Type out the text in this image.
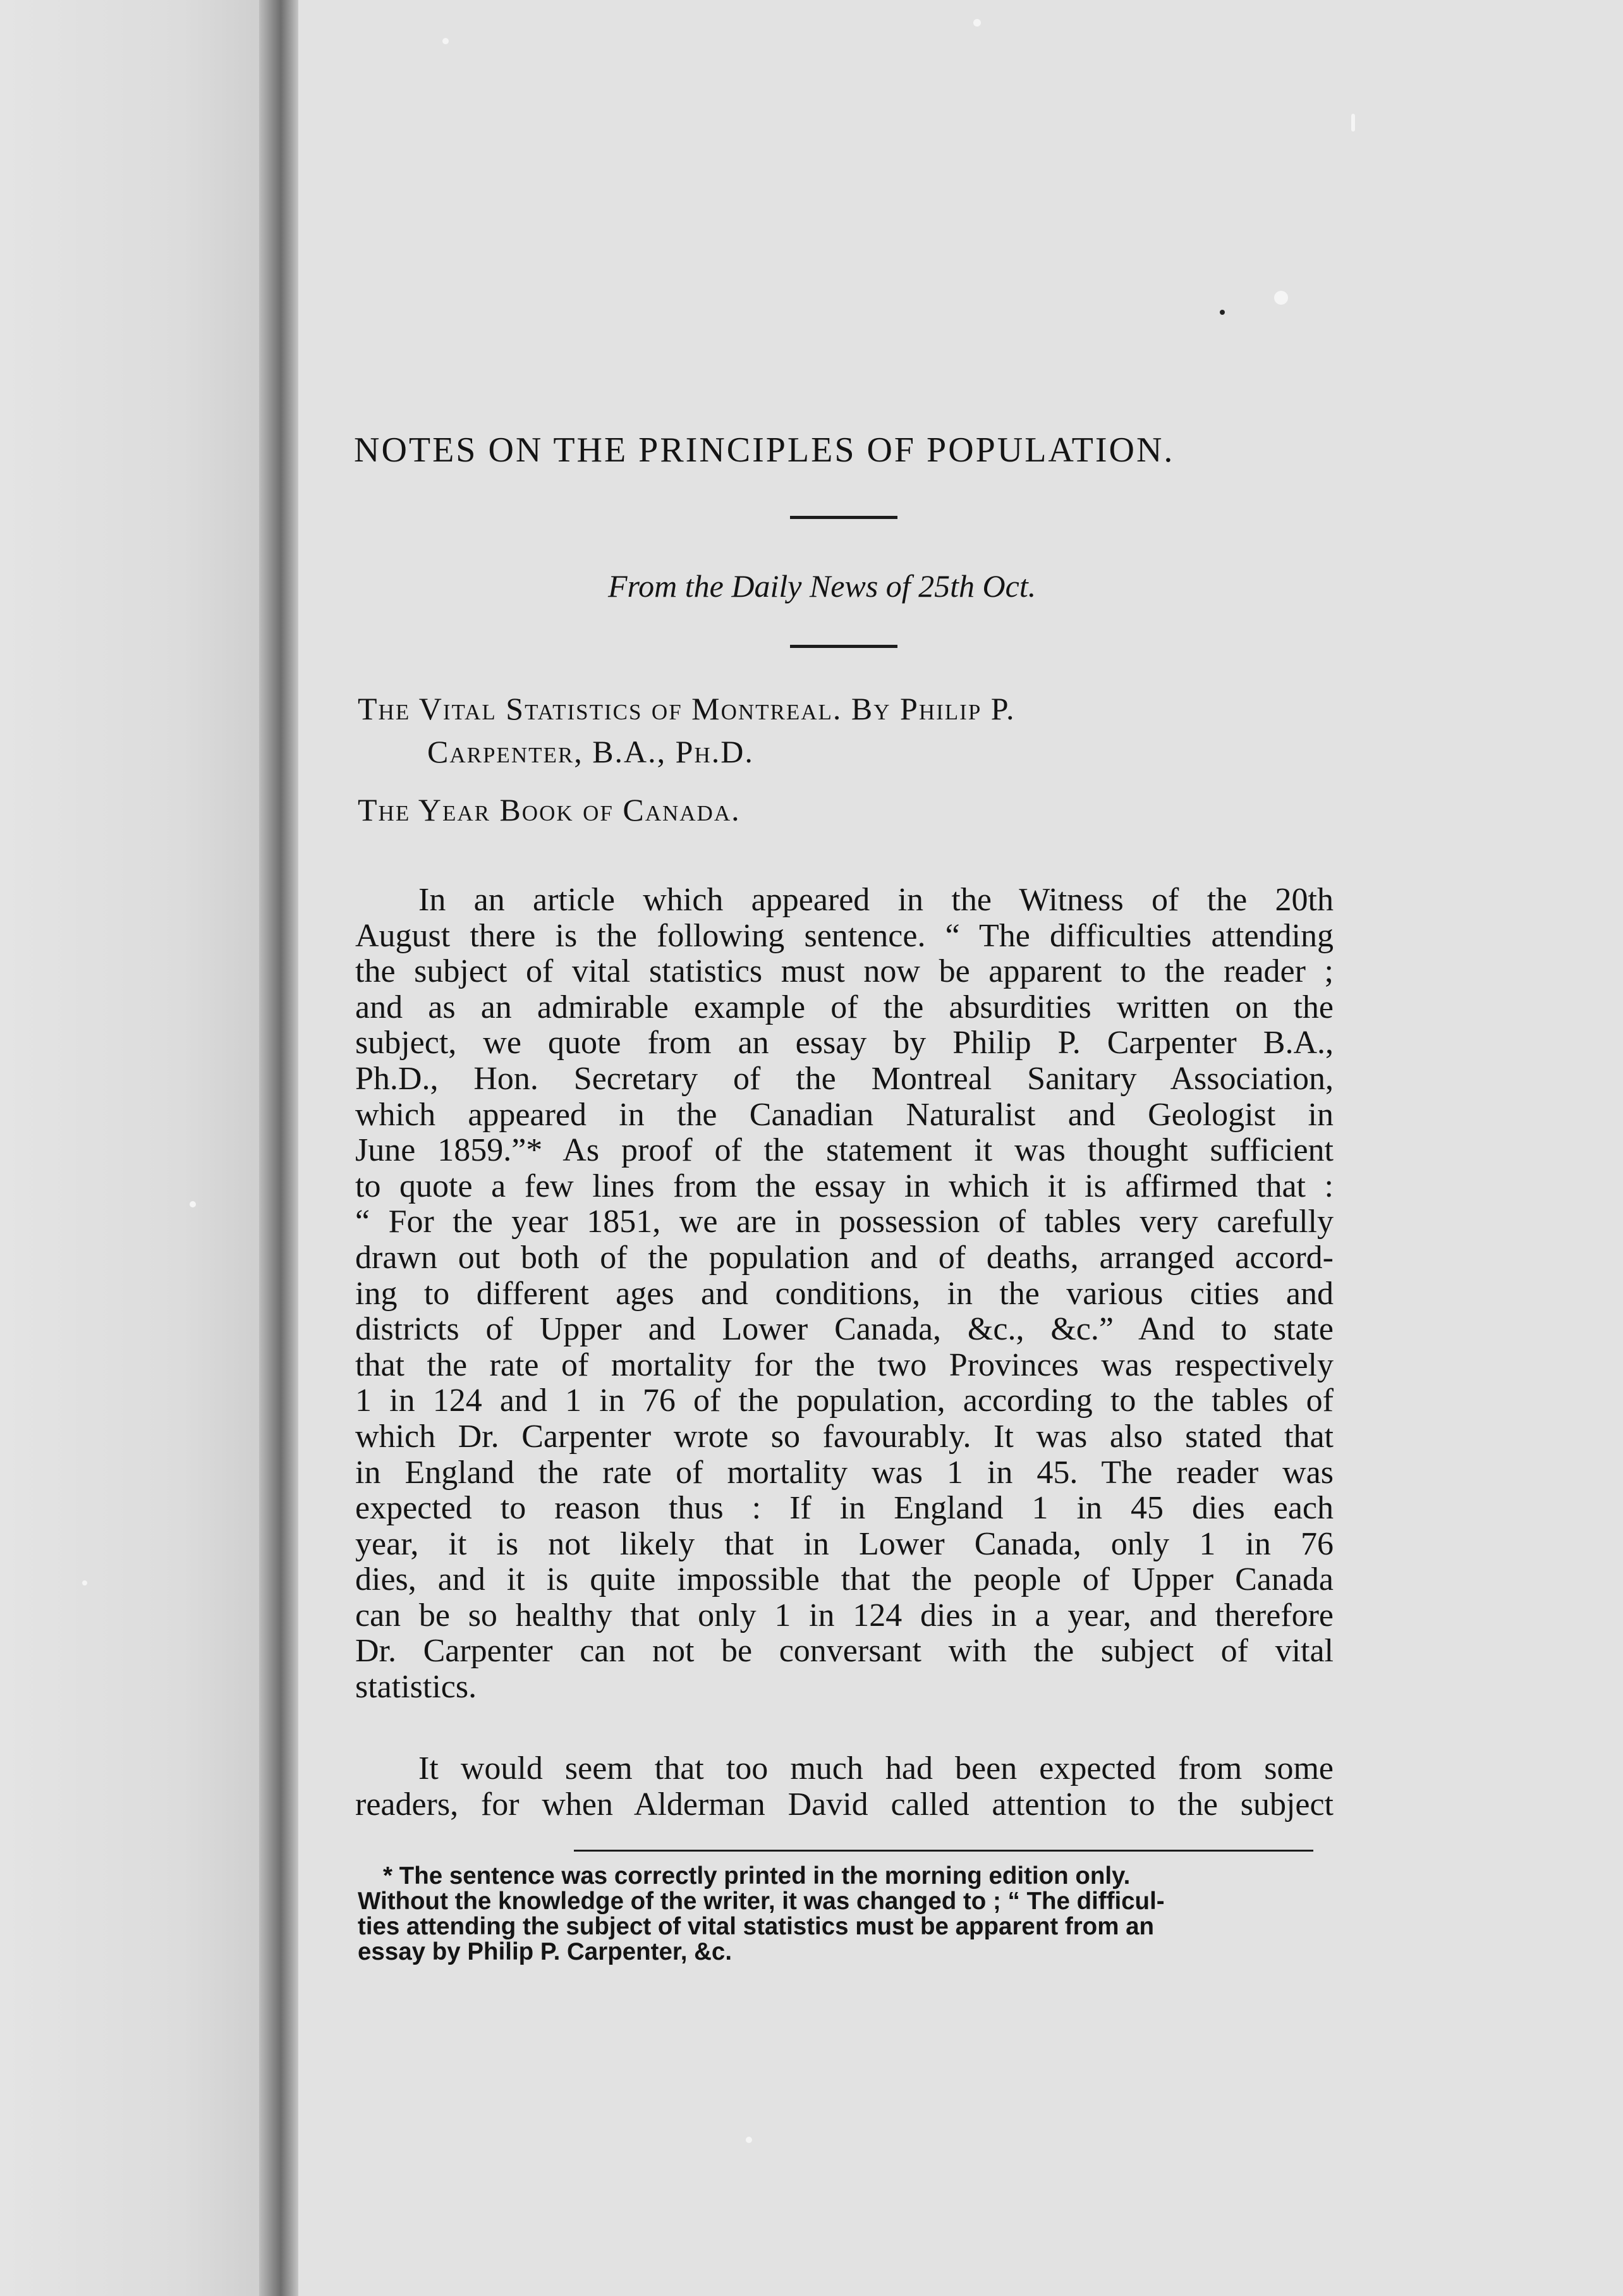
NOTES ON THE PRINCIPLES OF POPULATION.
From the Daily News of 25th Oct.
The Vital Statistics of Montreal. By Philip P.
Carpenter, B.A., Ph.D.
The Year Book of Canada.
In an article which appeared in the Witness of the 20th
August there is the following sentence. “ The difficulties attending
the subject of vital statistics must now be apparent to the reader ;
and as an admirable example of the absurdities written on the
subject, we quote from an essay by Philip P. Carpenter B.A.,
Ph.D., Hon. Secretary of the Montreal Sanitary Association,
which appeared in the Canadian Naturalist and Geologist in
June 1859.”* As proof of the statement it was thought sufficient
to quote a few lines from the essay in which it is affirmed that :
“ For the year 1851, we are in possession of tables very carefully
drawn out both of the population and of deaths, arranged accord-
ing to different ages and conditions, in the various cities and
districts of Upper and Lower Canada, &c., &c.” And to state
that the rate of mortality for the two Provinces was respectively
1 in 124 and 1 in 76 of the population, according to the tables of
which Dr. Carpenter wrote so favourably. It was also stated that
in England the rate of mortality was 1 in 45. The reader was
expected to reason thus : If in England 1 in 45 dies each
year, it is not likely that in Lower Canada, only 1 in 76
dies, and it is quite impossible that the people of Upper Canada
can be so healthy that only 1 in 124 dies in a year, and therefore
Dr. Carpenter can not be conversant with the subject of vital
statistics.
It would seem that too much had been expected from some
readers, for when Alderman David called attention to the subject
* The sentence was correctly printed in the morning edition only.
Without the knowledge of the writer, it was changed to ; “ The difficul-
ties attending the subject of vital statistics must be apparent from an
essay by Philip P. Carpenter, &c.
